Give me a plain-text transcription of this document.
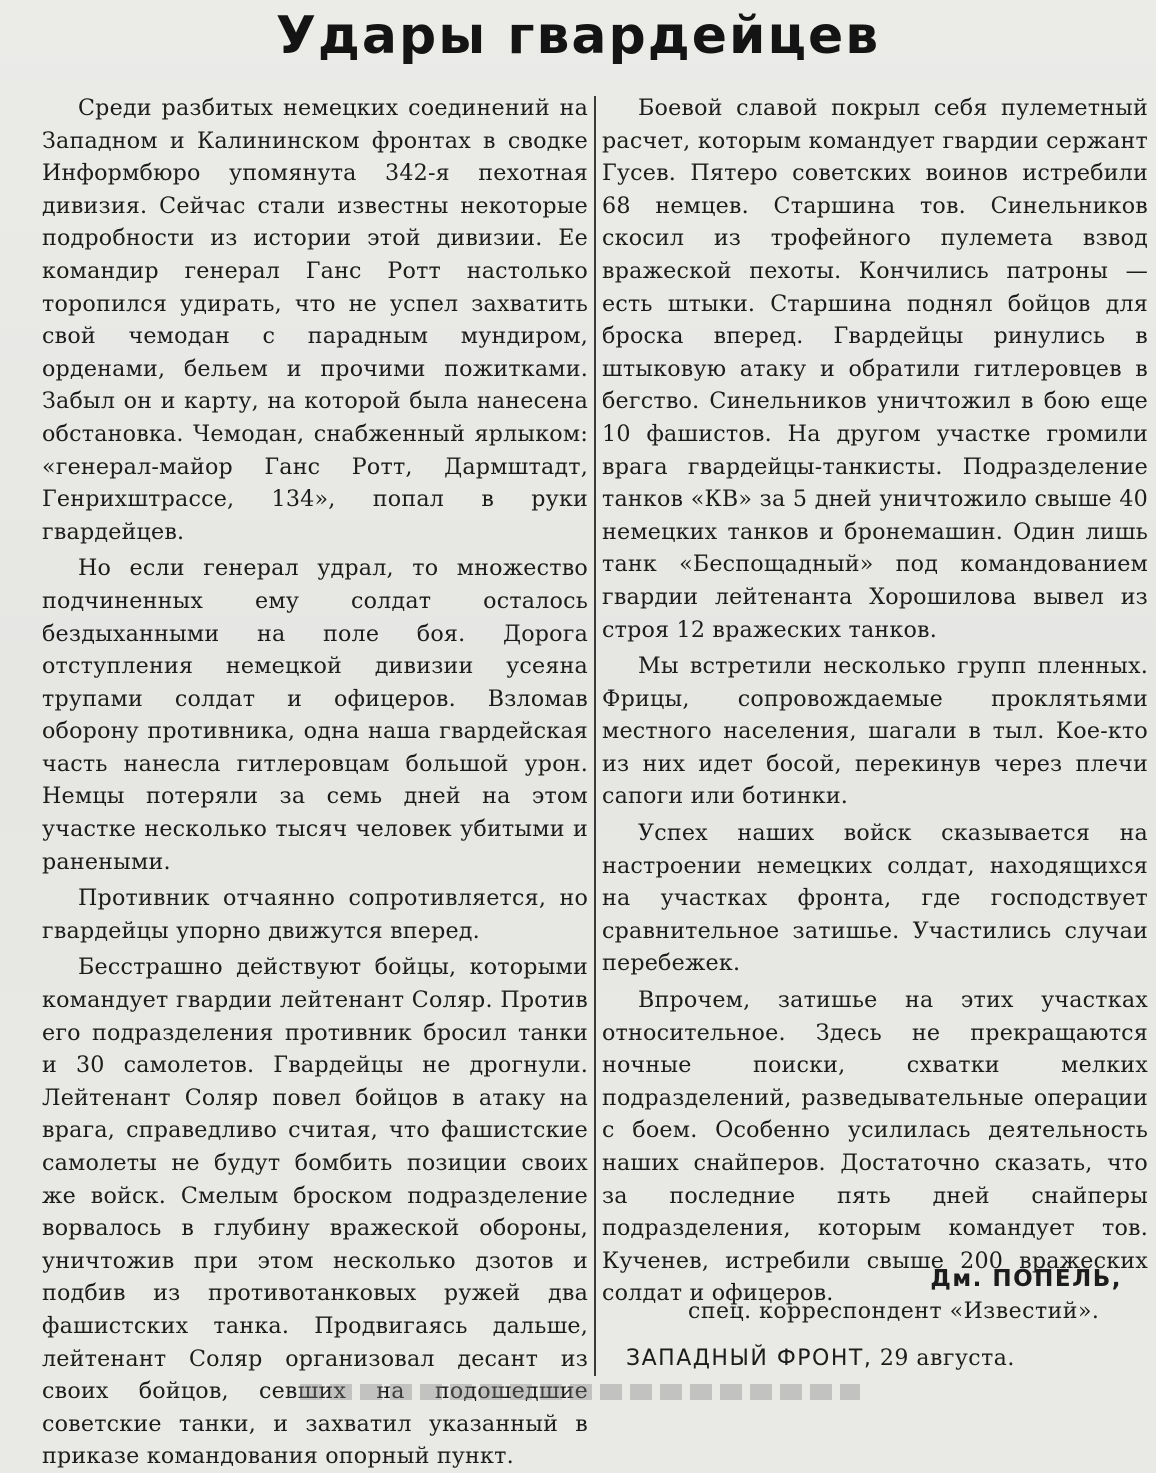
Удары гвардейцев

Среди разбитых немецких соединений на Западном и Калининском фронтах в сводке Информбюро упомянута 342-я пехотная дивизия. Сейчас стали известны некоторые подробности из истории этой дивизии. Ее командир генерал Ганс Ротт настолько торопился удирать, что не успел захватить свой чемодан с парадным мундиром, орденами, бельем и прочими пожитками. Забыл он и карту, на которой была нанесена обстановка. Чемодан, снабженный ярлыком: «генерал-майор Ганс Ротт, Дармштадт, Генрихштрассе, 134», попал в руки гвардейцев.

Но если генерал удрал, то множество подчиненных ему солдат осталось бездыханными на поле боя. Дорога отступления немецкой дивизии усеяна трупами солдат и офицеров. Взломав оборону противника, одна наша гвардейская часть нанесла гитлеровцам большой урон. Немцы потеряли за семь дней на этом участке несколько тысяч человек убитыми и ранеными.

Противник отчаянно сопротивляется, но гвардейцы упорно движутся вперед.

Бесстрашно действуют бойцы, которыми командует гвардии лейтенант Соляр. Против его подразделения противник бросил танки и 30 самолетов. Гвардейцы не дрогнули. Лейтенант Соляр повел бойцов в атаку на врага, справедливо считая, что фашистские самолеты не будут бомбить позиции своих же войск. Смелым броском подразделение ворвалось в глубину вражеской обороны, уничтожив при этом несколько дзотов и подбив из противотанковых ружей два фашистских танка. Продвигаясь дальше, лейтенант Соляр организовал десант из своих бойцов, севших на подошедшие советские танки, и захватил указанный в приказе командования опорный пункт.

Боевой славой покрыл себя пулеметный расчет, которым командует гвардии сержант Гусев. Пятеро советских воинов истребили 68 немцев. Старшина тов. Синельников скосил из трофейного пулемета взвод вражеской пехоты. Кончились патроны — есть штыки. Старшина поднял бойцов для броска вперед. Гвардейцы ринулись в штыковую атаку и обратили гитлеровцев в бегство. Синельников уничтожил в бою еще 10 фашистов. На другом участке громили врага гвардейцы-танкисты. Подразделение танков «КВ» за 5 дней уничтожило свыше 40 немецких танков и бронемашин. Один лишь танк «Беспощадный» под командованием гвардии лейтенанта Хорошилова вывел из строя 12 вражеских танков.

Мы встретили несколько групп пленных. Фрицы, сопровождаемые проклятьями местного населения, шагали в тыл. Кое-кто из них идет босой, перекинув через плечи сапоги или ботинки.

Успех наших войск сказывается на настроении немецких солдат, находящихся на участках фронта, где господствует сравнительное затишье. Участились случаи перебежек.

Впрочем, затишье на этих участках относительное. Здесь не прекращаются ночные поиски, схватки мелких подразделений, разведывательные операции с боем. Особенно усилилась деятельность наших снайперов. Достаточно сказать, что за последние пять дней снайперы подразделения, которым командует тов. Кученев, истребили свыше 200 вражеских солдат и офицеров.

Дм. ПОПЕЛЬ,
спец. корреспондент «Известий».
ЗАПАДНЫЙ ФРОНТ, 29 августа.
